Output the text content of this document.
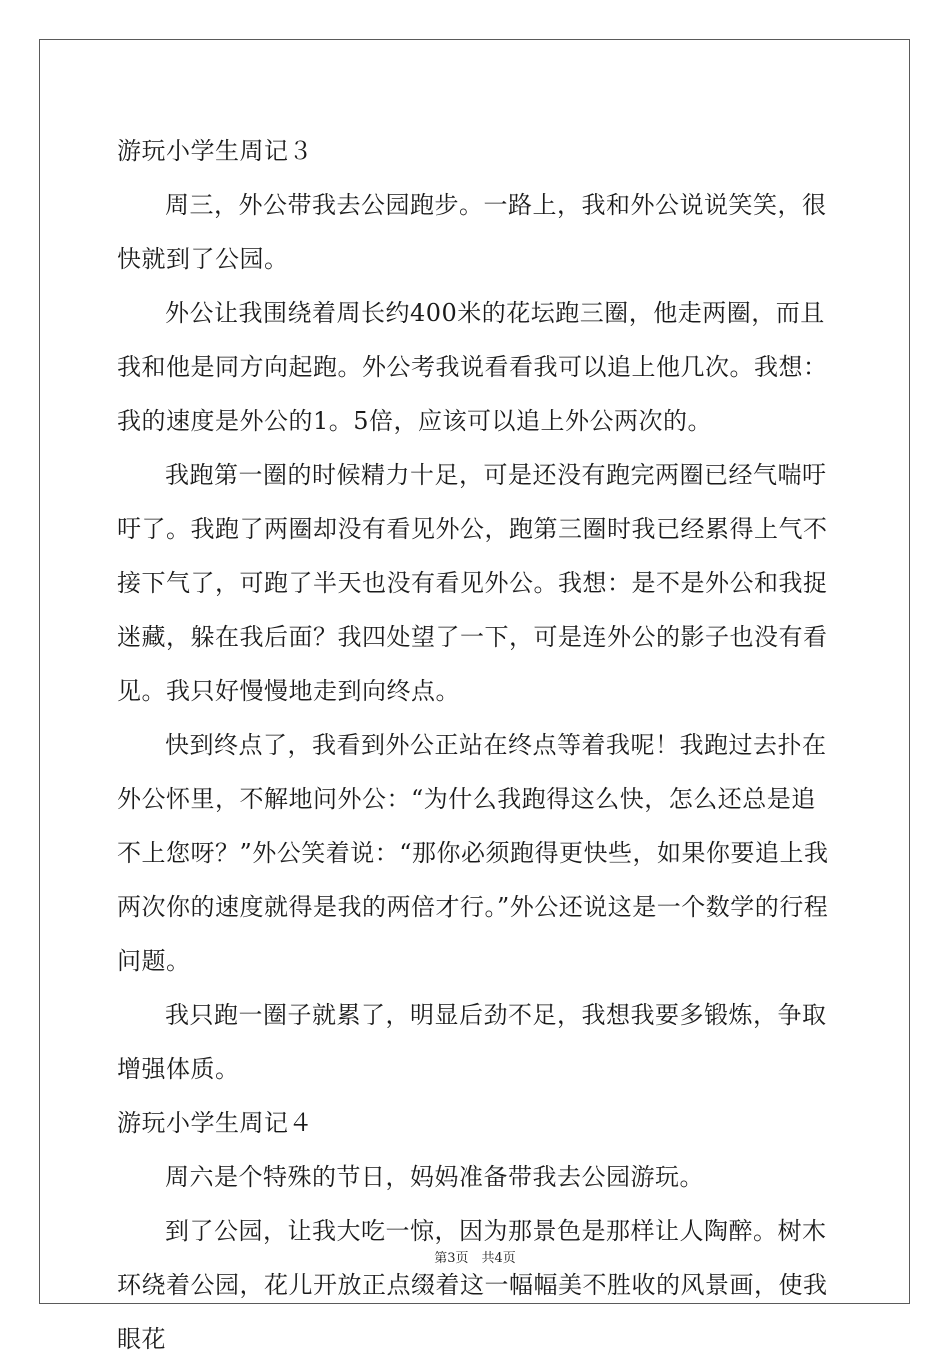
游玩小学生周记３

周三，外公带我去公园跑步。一路上，我和外公说说笑笑，很快就到了公园。

外公让我围绕着周长约400米的花坛跑三圈，他走两圈，而且我和他是同方向起跑。外公考我说看看我可以追上他几次。我想：我的速度是外公的1。5倍，应该可以追上外公两次的。

我跑第一圈的时候精力十足，可是还没有跑完两圈已经气喘吁吁了。我跑了两圈却没有看见外公，跑第三圈时我已经累得上气不接下气了，可跑了半天也没有看见外公。我想：是不是外公和我捉迷藏，躲在我后面？我四处望了一下，可是连外公的影子也没有看见。我只好慢慢地走到向终点。

快到终点了，我看到外公正站在终点等着我呢！我跑过去扑在外公怀里，不解地问外公：“为什么我跑得这么快，怎么还总是追不上您呀？”外公笑着说：“那你必须跑得更快些，如果你要追上我两次你的速度就得是我的两倍才行。”外公还说这是一个数学的行程问题。

我只跑一圈子就累了，明显后劲不足，我想我要多锻炼，争取增强体质。

游玩小学生周记４

周六是个特殊的节日，妈妈准备带我去公园游玩。

到了公园，让我大吃一惊，因为那景色是那样让人陶醉。树木环绕着公园，花儿开放正点缀着这一幅幅美不胜收的风景画，使我眼花

第3页　共4页
